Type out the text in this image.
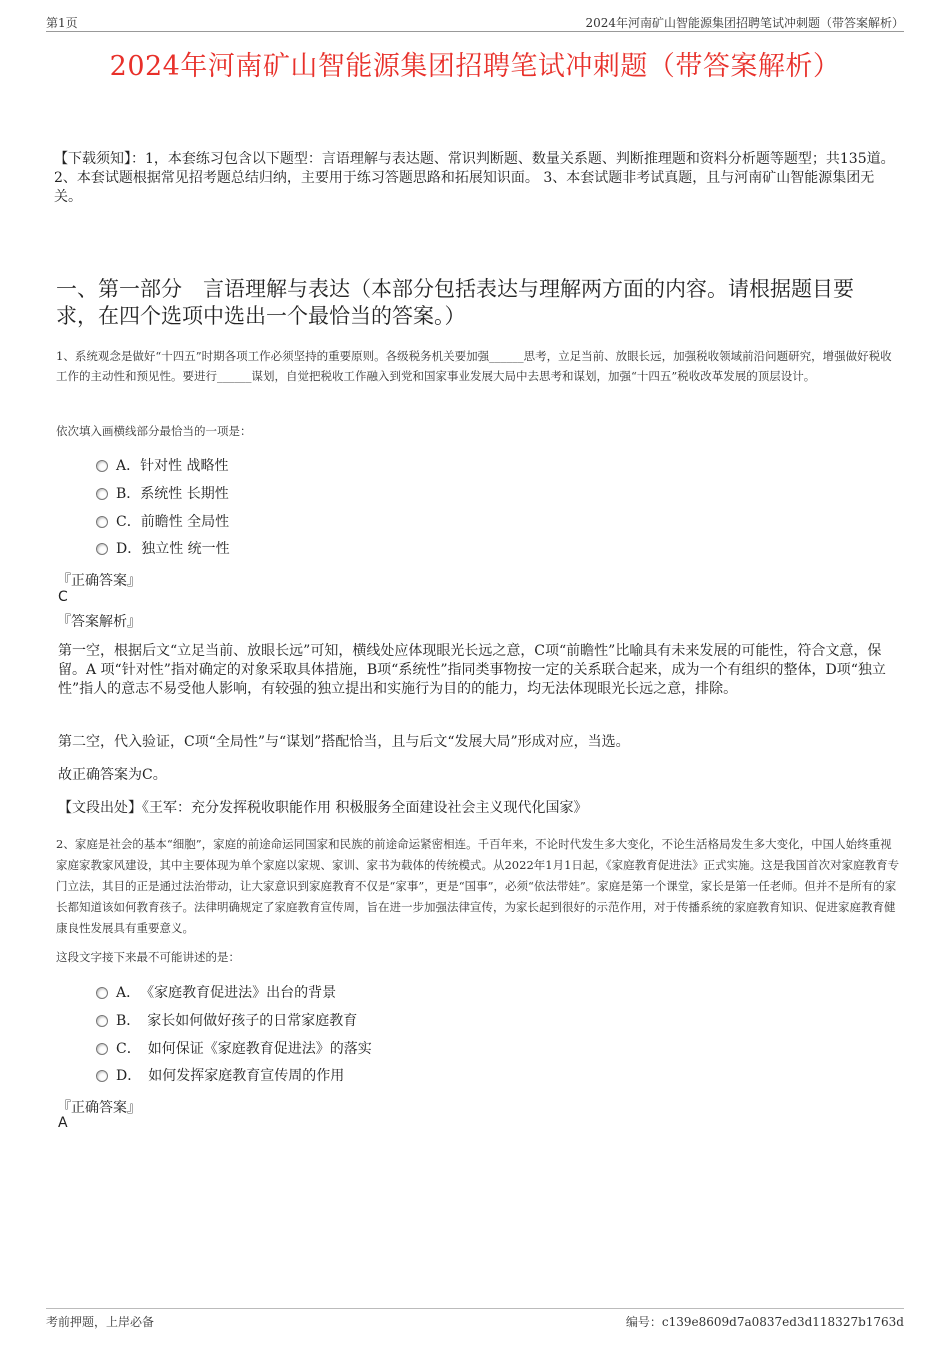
第1页	2024年河南矿山智能源集团招聘笔试冲刺题（带答案解析）
2024年河南矿山智能源集团招聘笔试冲刺题（带答案解析）

【下载须知】：1，本套练习包含以下题型：言语理解与表达题、常识判断题、数量关系题、判断推理题和资料分析题等题型；共135道。 2、本套试题根据常见招考题总结归纳，主要用于练习答题思路和拓展知识面。 3、本套试题非考试真题，且与河南矿山智能源集团无关。

一、第一部分　言语理解与表达（本部分包括表达与理解两方面的内容。请根据题目要求，在四个选项中选出一个最恰当的答案。）

1、系统观念是做好“十四五”时期各项工作必须坚持的重要原则。各级税务机关要加强______思考，立足当前、放眼长远，加强税收领域前沿问题研究，增强做好税收工作的主动性和预见性。要进行______谋划，自觉把税收工作融入到党和国家事业发展大局中去思考和谋划，加强“十四五”税收改革发展的顶层设计。

依次填入画横线部分最恰当的一项是：

A．针对性 战略性
B．系统性 长期性
C．前瞻性 全局性
D．独立性 统一性
『正确答案』
C
『答案解析』

第一空，根据后文“立足当前、放眼长远”可知，横线处应体现眼光长远之意，C项“前瞻性”比喻具有未来发展的可能性，符合文意，保留。A 项“针对性”指对确定的对象采取具体措施，B项“系统性”指同类事物按一定的关系联合起来，成为一个有组织的整体，D项“独立性”指人的意志不易受他人影响，有较强的独立提出和实施行为目的的能力，均无法体现眼光长远之意，排除。

第二空，代入验证，C项“全局性”与“谋划”搭配恰当，且与后文“发展大局”形成对应，当选。

故正确答案为C。

【文段出处】《王军：充分发挥税收职能作用 积极服务全面建设社会主义现代化国家》

2、家庭是社会的基本“细胞”，家庭的前途命运同国家和民族的前途命运紧密相连。千百年来，不论时代发生多大变化，不论生活格局发生多大变化，中国人始终重视家庭家教家风建设，其中主要体现为单个家庭以家规、家训、家书为载体的传统模式。从2022年1月1日起，《家庭教育促进法》正式实施。这是我国首次对家庭教育专门立法，其目的正是通过法治带动，让大家意识到家庭教育不仅是“家事”，更是“国事”，必须“依法带娃”。家庭是第一个课堂，家长是第一任老师。但并不是所有的家长都知道该如何教育孩子。法律明确规定了家庭教育宣传周，旨在进一步加强法律宣传，为家长起到很好的示范作用，对于传播系统的家庭教育知识、促进家庭教育健康良性发展具有重要意义。

这段文字接下来最不可能讲述的是：

A．　《家庭教育促进法》出台的背景
B．　家长如何做好孩子的日常家庭教育
C．　如何保证《家庭教育促进法》的落实
D．　如何发挥家庭教育宣传周的作用
『正确答案』
A
考前押题，上岸必备	编号：c139e8609d7a0837ed3d118327b1763d
